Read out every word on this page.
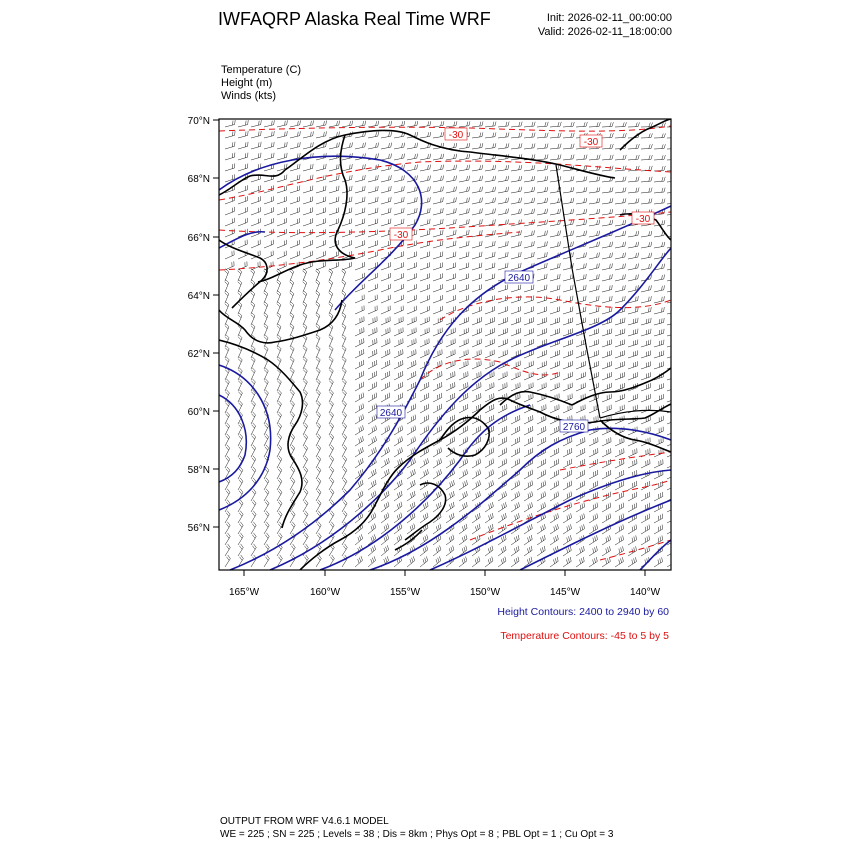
IWFAQRP Alaska Real Time WRF	Init: 2026-02-11_00:00:00
Valid: 2026-02-11_18:00:00
Temperature (C)
Height (m)
Winds (kts)
-30
-30
-30
-30
2640
2640
2760
70°N
68°N
66°N
64°N
62°N
60°N
58°N
56°N
165°W	160°W	155°W	150°W	145°W	140°W
Height Contours: 2400 to 2940 by 60
Temperature Contours: -45 to 5 by 5
OUTPUT FROM WRF V4.6.1 MODEL
WE = 225 ; SN = 225 ; Levels = 38 ; Dis = 8km ; Phys Opt = 8 ; PBL Opt = 1 ; Cu Opt = 3
